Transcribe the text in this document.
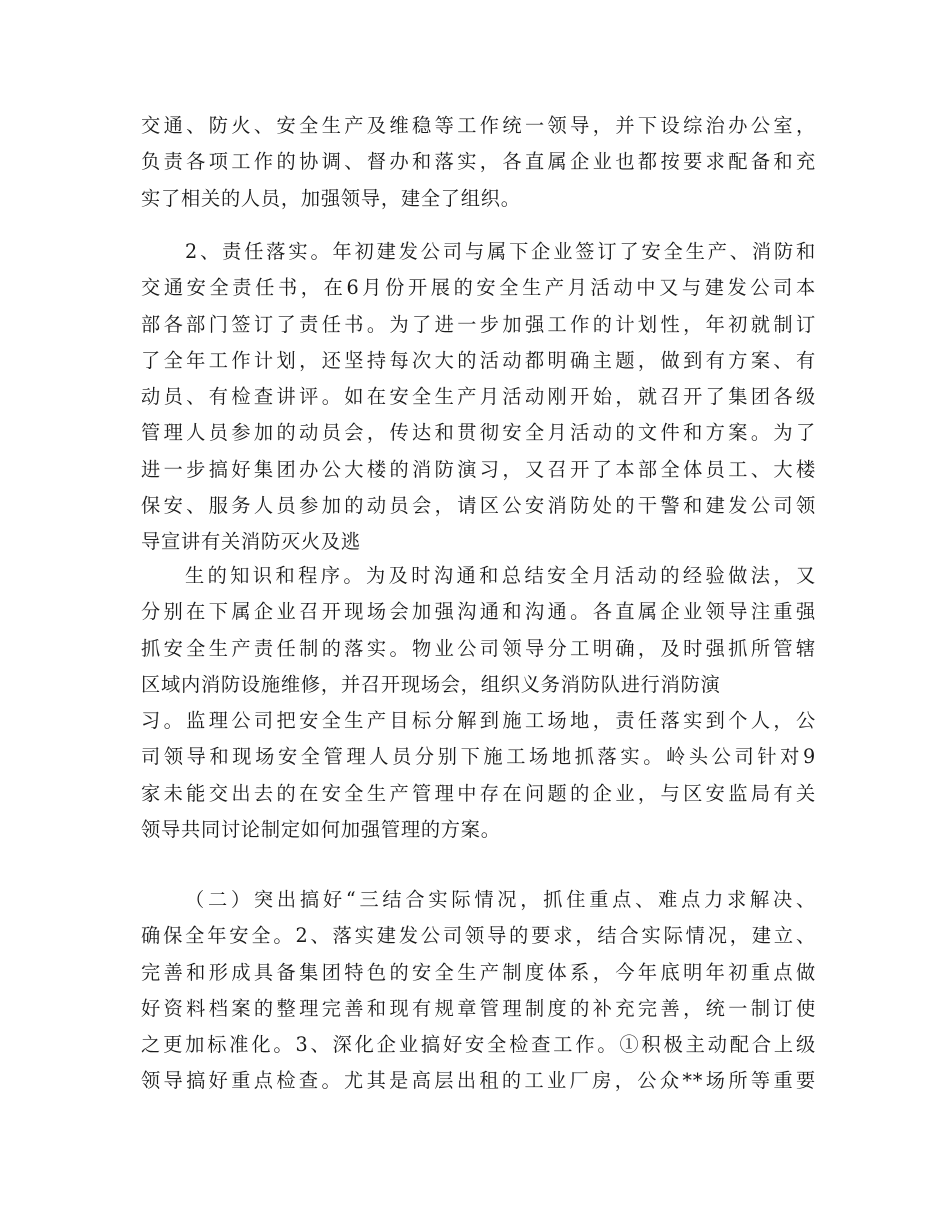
交通、防火、安全生产及维稳等工作统一领导，并下设综治办公室，
负责各项工作的协调、督办和落实，各直属企业也都按要求配备和充
实了相关的人员，加强领导，建全了组织。
2、责任落实。年初建发公司与属下企业签订了安全生产、消防和
交通安全责任书，在6月份开展的安全生产月活动中又与建发公司本
部各部门签订了责任书。为了进一步加强工作的计划性，年初就制订
了全年工作计划，还坚持每次大的活动都明确主题，做到有方案、有
动员、有检查讲评。如在安全生产月活动刚开始，就召开了集团各级
管理人员参加的动员会，传达和贯彻安全月活动的文件和方案。为了
进一步搞好集团办公大楼的消防演习，又召开了本部全体员工、大楼
保安、服务人员参加的动员会，请区公安消防处的干警和建发公司领
导宣讲有关消防灭火及逃
生的知识和程序。为及时沟通和总结安全月活动的经验做法，又
分别在下属企业召开现场会加强沟通和沟通。各直属企业领导注重强
抓安全生产责任制的落实。物业公司领导分工明确，及时强抓所管辖
区域内消防设施维修，并召开现场会，组织义务消防队进行消防演
习。监理公司把安全生产目标分解到施工场地，责任落实到个人，公
司领导和现场安全管理人员分别下施工场地抓落实。岭头公司针对9
家未能交出去的在安全生产管理中存在问题的企业，与区安监局有关
领导共同讨论制定如何加强管理的方案。
（二）突出搞好“三结合实际情况，抓住重点、难点力求解决、
确保全年安全。2、落实建发公司领导的要求，结合实际情况，建立、
完善和形成具备集团特色的安全生产制度体系，今年底明年初重点做
好资料档案的整理完善和现有规章管理制度的补充完善，统一制订使
之更加标准化。3、深化企业搞好安全检查工作。①积极主动配合上级
领导搞好重点检查。尤其是高层出租的工业厂房，公众**场所等重要
